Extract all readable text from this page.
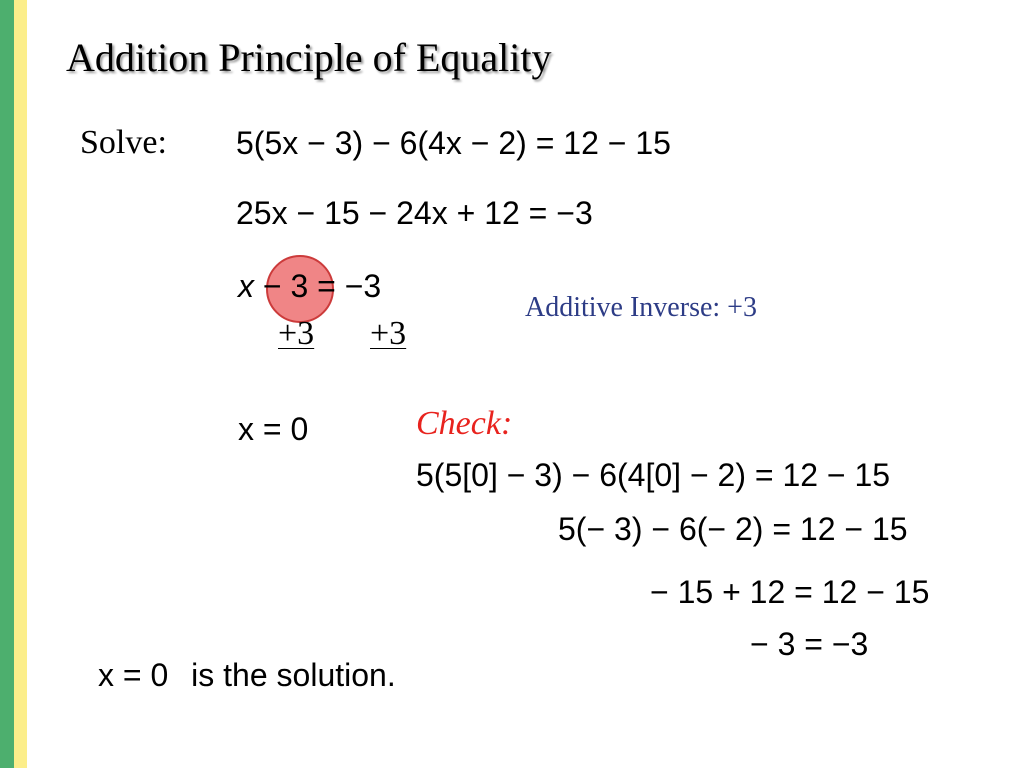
Addition Principle of Equality
Solve: 5(5x − 3) − 6(4x − 2) = 12 − 15
25x − 15 − 24x + 12 = −3
x − 3 = −3
+3 +3
Additive Inverse: +3
x = 0	Check:
5(5[0] − 3) − 6(4[0] − 2) = 12 − 15
5(− 3) − 6(− 2) = 12 − 15
− 15 + 12 = 12 − 15
− 3 = −3
x = 0 is the solution.
